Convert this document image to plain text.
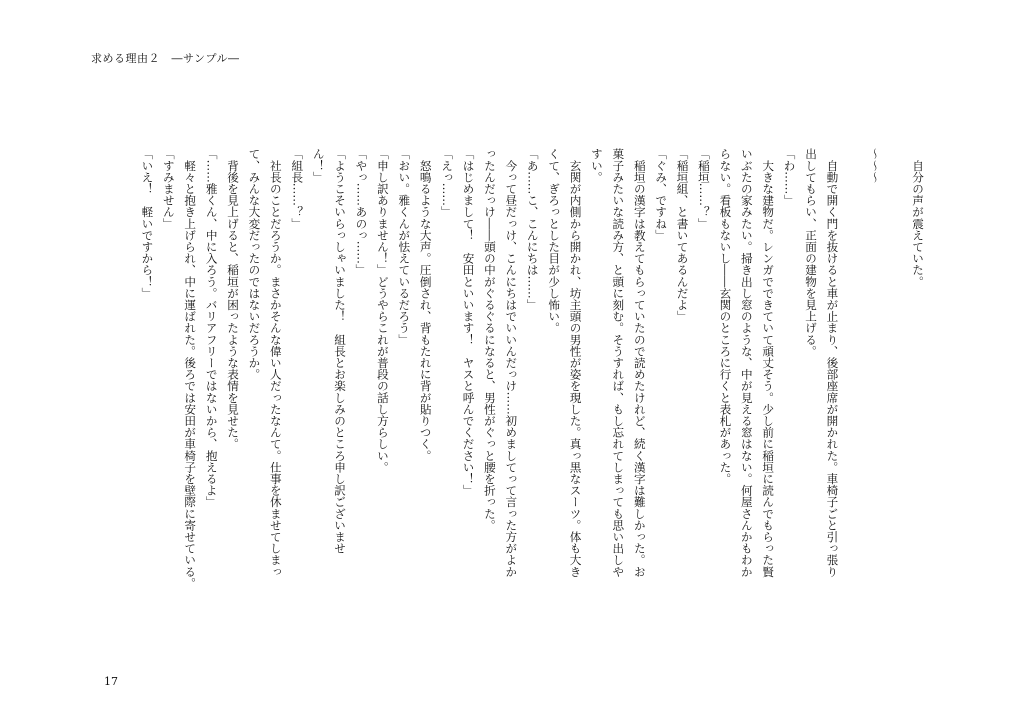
求める理由２　―サンプル―
　自分の声が震えていた。
〜〜〜
　自動で開く門を抜けると車が止まり、後部座席が開かれた。車椅子ごと引っ張り
出してもらい、正面の建物を見上げる。
「わ……」
　大きな建物だ。レンガでできていて頑丈そう。少し前に稲垣に読んでもらった賢
いぶたの家みたい。掃き出し窓のような、中が見える窓はない。何屋さんかもわか
らない。看板もないし――玄関のところに行くと表札があった。
「稲垣……？」
「稲垣組、と書いてあるんだよ」
「ぐみ、ですね」
　稲垣の漢字は教えてもらっていたので読めたけれど、続く漢字は難しかった。お
菓子みたいな読み方、と頭に刻む。そうすれば、もし忘れてしまっても思い出しや
すい。
　玄関が内側から開かれ、坊主頭の男性が姿を現した。真っ黒なスーツ。体も大き
くて、ぎろっとした目が少し怖い。
「あ……こ、こんにちは……」
　今って昼だっけ、こんにちはでいいんだっけ……初めましてって言った方がよか
ったんだっけ――頭の中がぐるぐるになると、男性がぐっと腰を折った。
「はじめまして！　安田といいます！　ヤスと呼んでください！」
「えっ……」
　怒鳴るような大声。圧倒され、背もたれに背が貼りつく。
「おい。雅くんが怯えているだろう」
「申し訳ありません！」どうやらこれが普段の話し方らしい。
「やっ……あのっ……」
「ようこそいらっしゃいました！　組長とお楽しみのところ申し訳ございませ
ん！」
「組長……？」
　社長のことだろうか。まさかそんな偉い人だったなんて。仕事を休ませてしまっ
て、みんな大変だったのではないだろうか。
　背後を見上げると、稲垣が困ったような表情を見せた。
「……雅くん、中に入ろう。バリアフリーではないから、抱えるよ」
　軽々と抱き上げられ、中に運ばれた。後ろでは安田が車椅子を壁際に寄せている。
「すみません」
「いえ！　軽いですから！」
17
